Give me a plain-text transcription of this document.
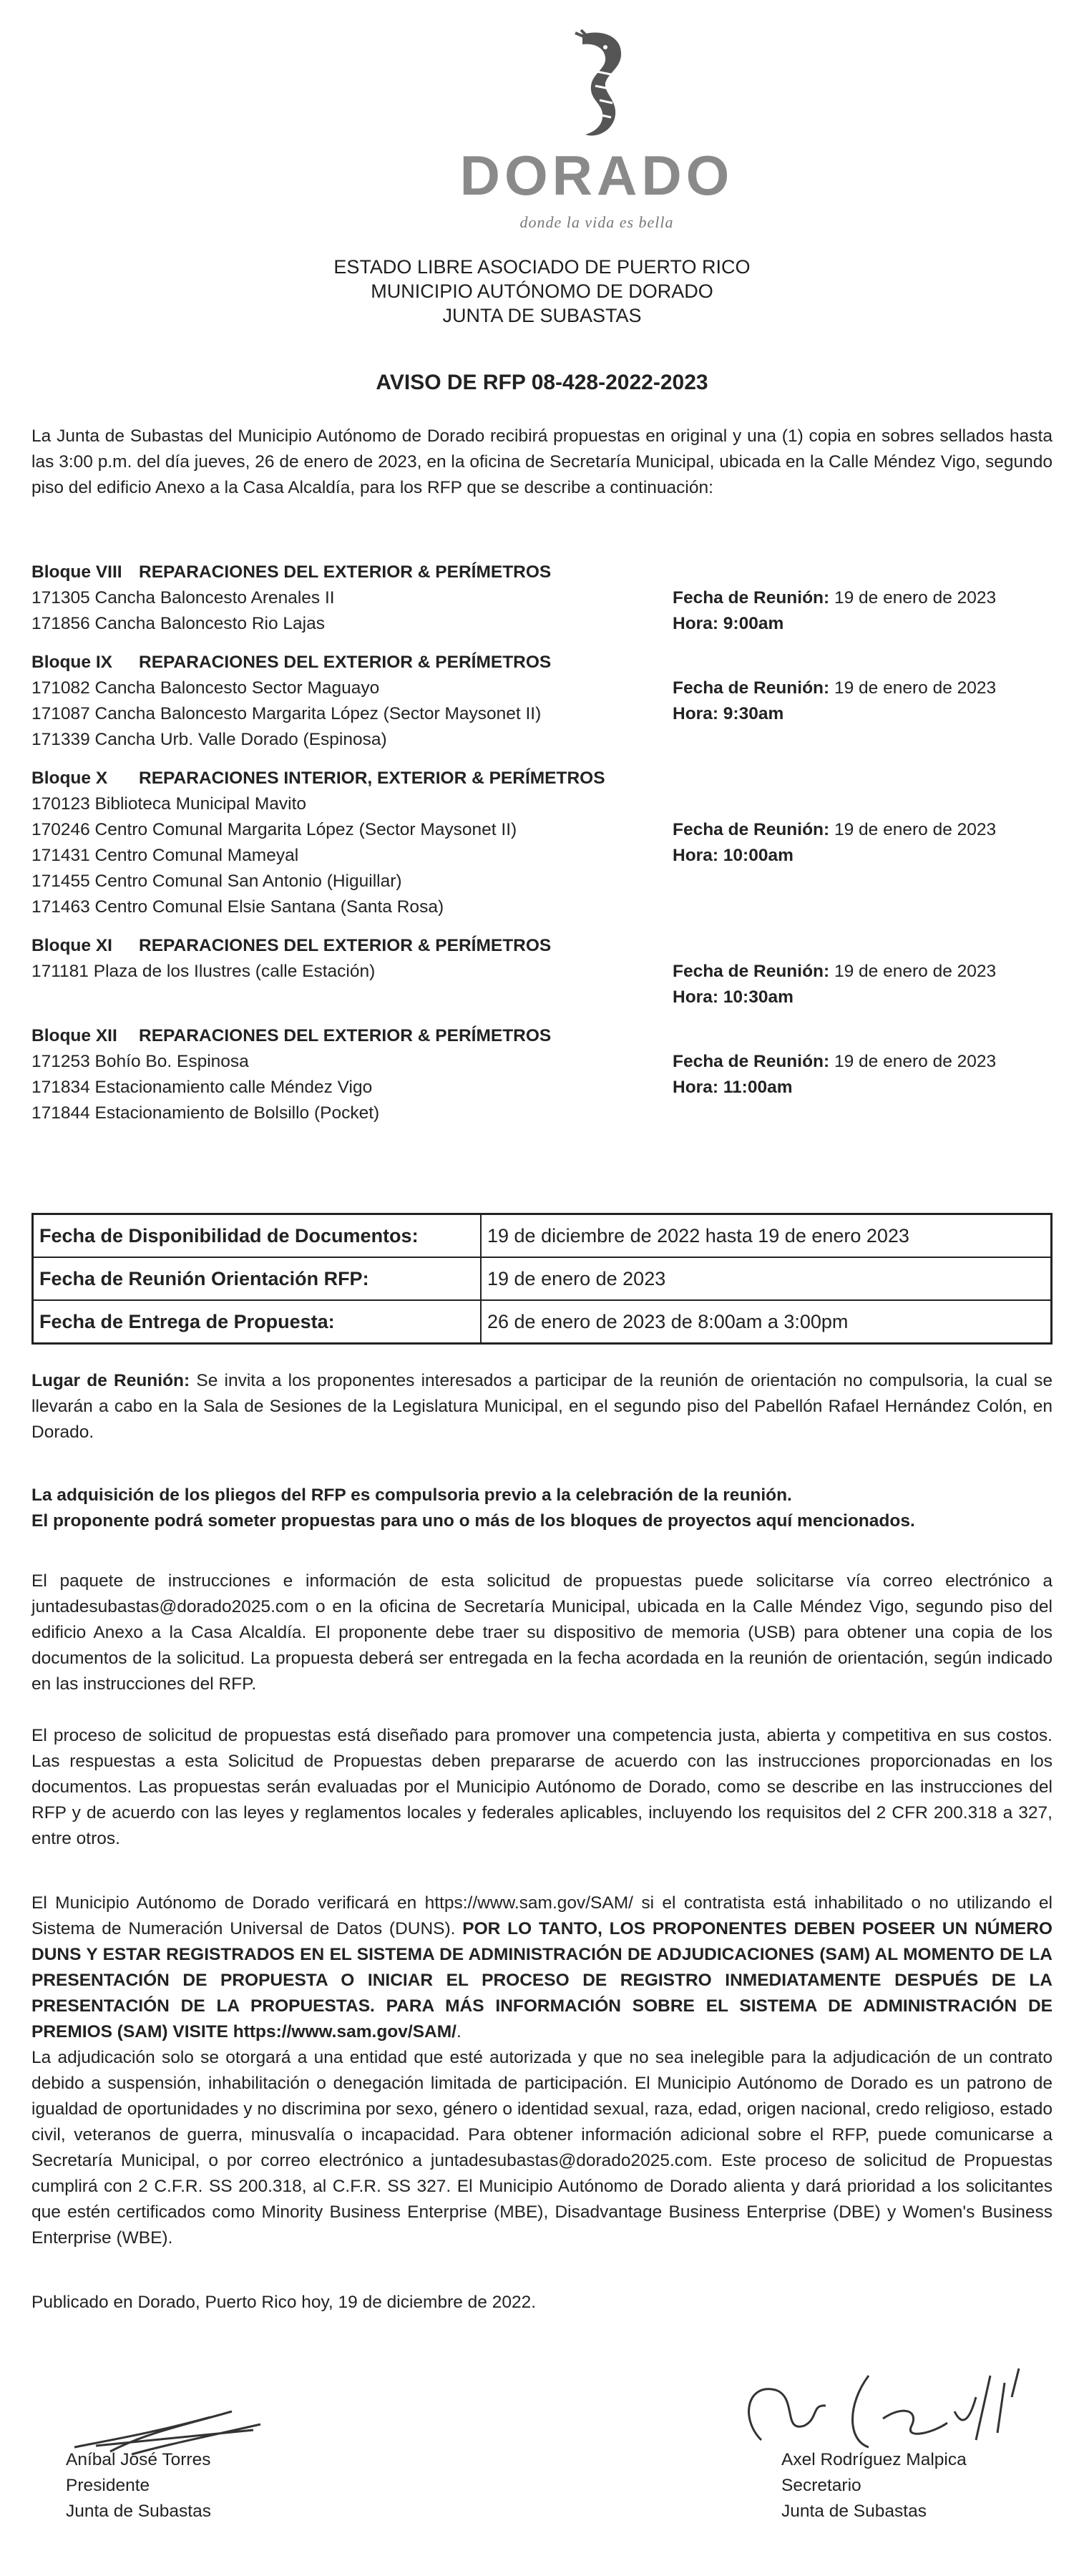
DORADO
donde la vida es bella
ESTADO LIBRE ASOCIADO DE PUERTO RICO
MUNICIPIO AUTÓNOMO DE DORADO
JUNTA DE SUBASTAS
AVISO DE RFP 08-428-2022-2023
La Junta de Subastas del Municipio Autónomo de Dorado recibirá propuestas en original y una (1) copia en sobres sellados hasta las 3:00 p.m. del día jueves, 26 de enero de 2023, en la oficina de Secretaría Municipal, ubicada en la Calle Méndez Vigo, segundo piso del edificio Anexo a la Casa Alcaldía, para los RFP que se describe a continuación:
Bloque VIII REPARACIONES DEL EXTERIOR & PERÍMETROS
171305 Cancha Baloncesto Arenales II
171856 Cancha Baloncesto Rio Lajas
Fecha de Reunión: 19 de enero de 2023
Hora: 9:00am
Bloque IX REPARACIONES DEL EXTERIOR & PERÍMETROS
171082 Cancha Baloncesto Sector Maguayo
171087 Cancha Baloncesto Margarita López (Sector Maysonet II)
171339 Cancha Urb. Valle Dorado (Espinosa)
Fecha de Reunión: 19 de enero de 2023
Hora: 9:30am
Bloque X REPARACIONES INTERIOR, EXTERIOR & PERÍMETROS
170123 Biblioteca Municipal Mavito
170246 Centro Comunal Margarita López (Sector Maysonet II)
171431 Centro Comunal Mameyal
171455 Centro Comunal San Antonio (Higuillar)
171463 Centro Comunal Elsie Santana (Santa Rosa)
Fecha de Reunión: 19 de enero de 2023
Hora: 10:00am
Bloque XI REPARACIONES DEL EXTERIOR & PERÍMETROS
171181 Plaza de los Ilustres (calle Estación)	Fecha de Reunión: 19 de enero de 2023
Hora: 10:30am
Bloque XII REPARACIONES DEL EXTERIOR & PERÍMETROS
171253 Bohío Bo. Espinosa
171834 Estacionamiento calle Méndez Vigo
171844 Estacionamiento de Bolsillo (Pocket)
Fecha de Reunión: 19 de enero de 2023
Hora: 11:00am
Fecha de Disponibilidad de Documentos:	19 de diciembre de 2022 hasta 19 de enero 2023
Fecha de Reunión Orientación RFP:	19 de enero de 2023
Fecha de Entrega de Propuesta:	26 de enero de 2023 de 8:00am a 3:00pm
Lugar de Reunión: Se invita a los proponentes interesados a participar de la reunión de orientación no compulsoria, la cual se llevarán a cabo en la Sala de Sesiones de la Legislatura Municipal, en el segundo piso del Pabellón Rafael Hernández Colón, en Dorado.
La adquisición de los pliegos del RFP es compulsoria previo a la celebración de la reunión.
El proponente podrá someter propuestas para uno o más de los bloques de proyectos aquí mencionados.
El paquete de instrucciones e información de esta solicitud de propuestas puede solicitarse vía correo electrónico a juntadesubastas@dorado2025.com o en la oficina de Secretaría Municipal, ubicada en la Calle Méndez Vigo, segundo piso del edificio Anexo a la Casa Alcaldía. El proponente debe traer su dispositivo de memoria (USB) para obtener una copia de los documentos de la solicitud. La propuesta deberá ser entregada en la fecha acordada en la reunión de orientación, según indicado en las instrucciones del RFP.
El proceso de solicitud de propuestas está diseñado para promover una competencia justa, abierta y competitiva en sus costos. Las respuestas a esta Solicitud de Propuestas deben prepararse de acuerdo con las instrucciones proporcionadas en los documentos. Las propuestas serán evaluadas por el Municipio Autónomo de Dorado, como se describe en las instrucciones del RFP y de acuerdo con las leyes y reglamentos locales y federales aplicables, incluyendo los requisitos del 2 CFR 200.318 a 327, entre otros.
El Municipio Autónomo de Dorado verificará en https://www.sam.gov/SAM/ si el contratista está inhabilitado o no utilizando el Sistema de Numeración Universal de Datos (DUNS). POR LO TANTO, LOS PROPONENTES DEBEN POSEER UN NÚMERO DUNS Y ESTAR REGISTRADOS EN EL SISTEMA DE ADMINISTRACIÓN DE ADJUDICACIONES (SAM) AL MOMENTO DE LA PRESENTACIÓN DE PROPUESTA O INICIAR EL PROCESO DE REGISTRO INMEDIATAMENTE DESPUÉS DE LA PRESENTACIÓN DE LA PROPUESTAS. PARA MÁS INFORMACIÓN SOBRE EL SISTEMA DE ADMINISTRACIÓN DE PREMIOS (SAM) VISITE https://www.sam.gov/SAM/.
La adjudicación solo se otorgará a una entidad que esté autorizada y que no sea inelegible para la adjudicación de un contrato debido a suspensión, inhabilitación o denegación limitada de participación. El Municipio Autónomo de Dorado es un patrono de igualdad de oportunidades y no discrimina por sexo, género o identidad sexual, raza, edad, origen nacional, credo religioso, estado civil, veteranos de guerra, minusvalía o incapacidad. Para obtener información adicional sobre el RFP, puede comunicarse a Secretaría Municipal, o por correo electrónico a juntadesubastas@dorado2025.com. Este proceso de solicitud de Propuestas cumplirá con 2 C.F.R. SS 200.318, al C.F.R. SS 327. El Municipio Autónomo de Dorado alienta y dará prioridad a los solicitantes que estén certificados como Minority Business Enterprise (MBE), Disadvantage Business Enterprise (DBE) y Women's Business Enterprise (WBE).
Publicado en Dorado, Puerto Rico hoy, 19 de diciembre de 2022.
Aníbal José Torres
Presidente
Junta de Subastas
Axel Rodríguez Malpica
Secretario
Junta de Subastas
